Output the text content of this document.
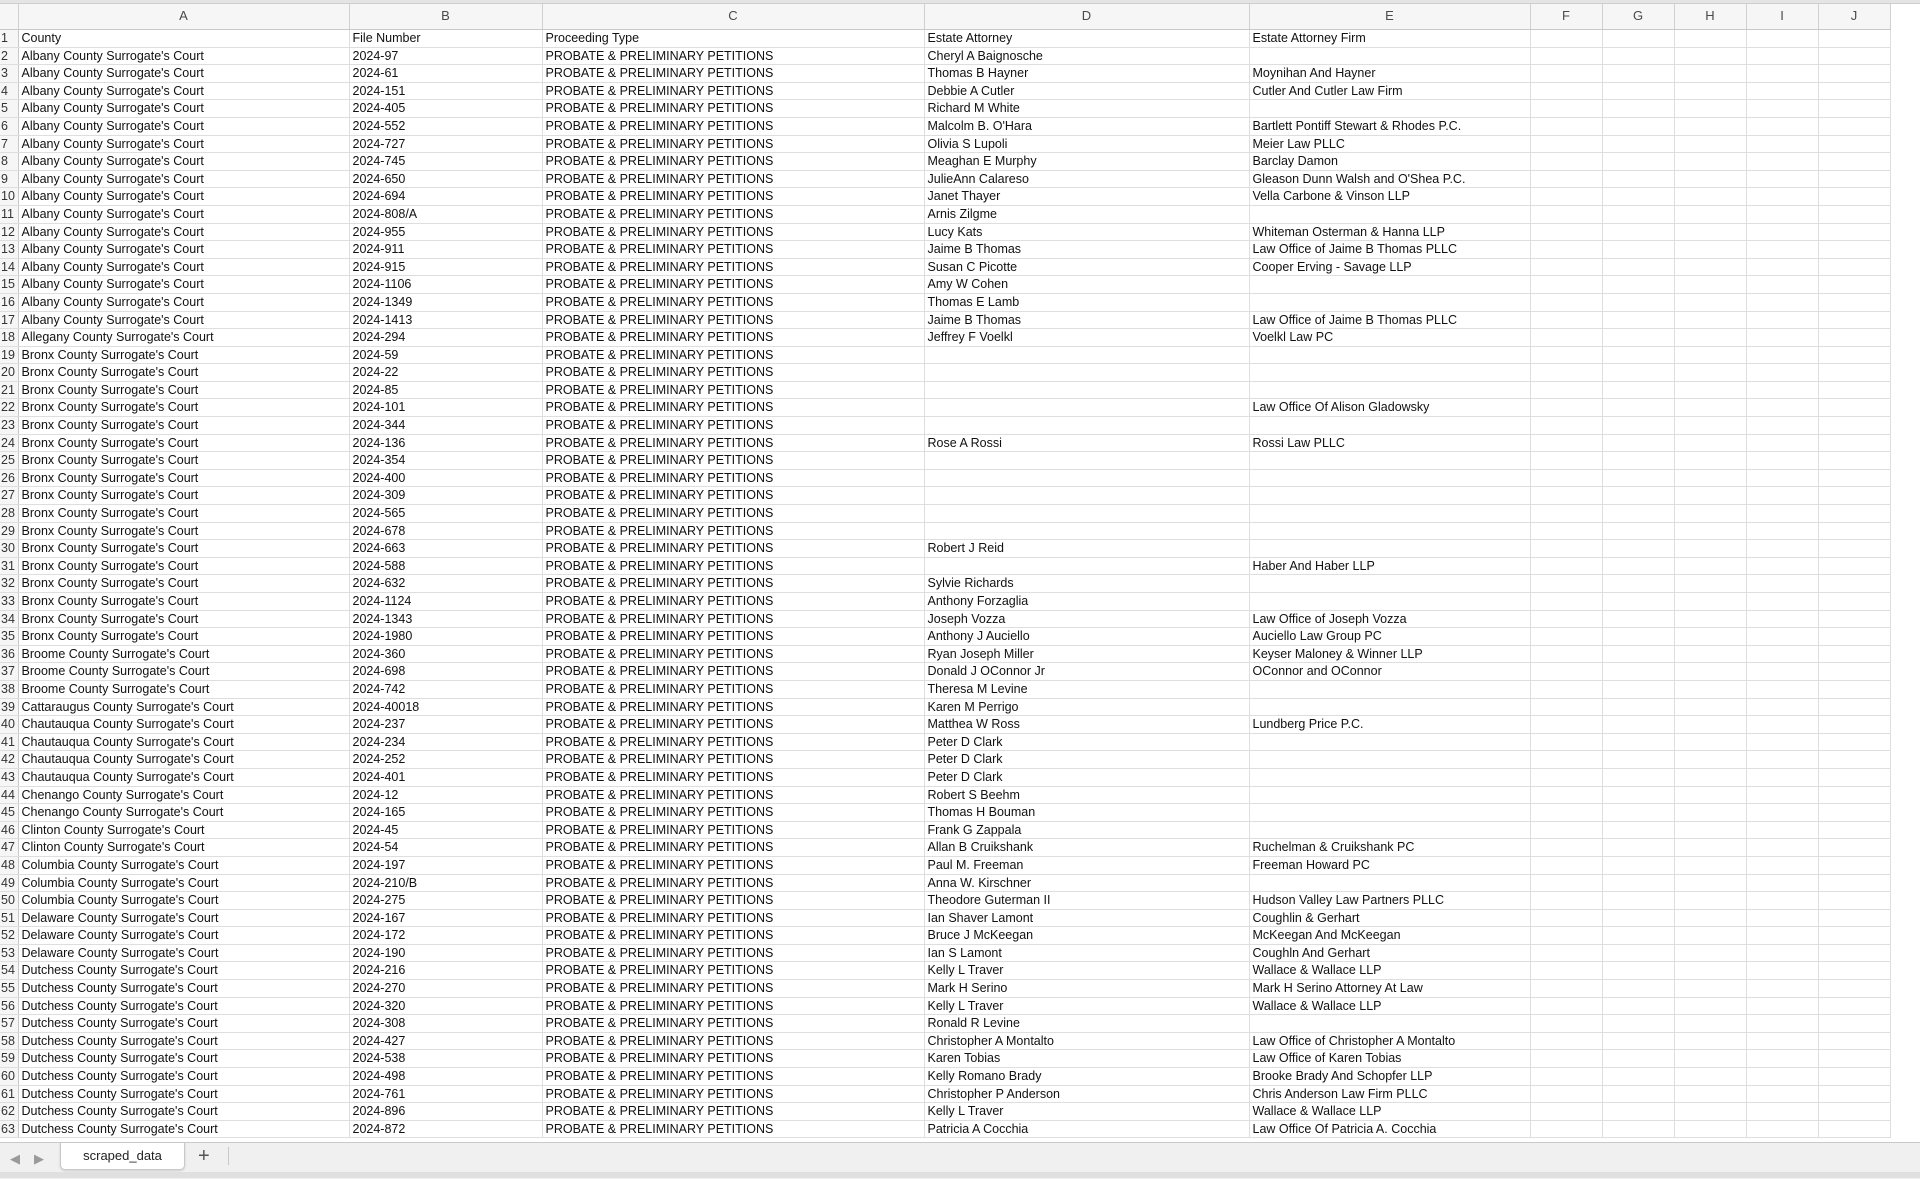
	A	B	C	D	E	F	G	H	I	J
1	County	File Number	Proceeding Type	Estate Attorney	Estate Attorney Firm					
2	Albany County Surrogate's Court	2024-97	PROBATE & PRELIMINARY PETITIONS	Cheryl A Baignosche						
3	Albany County Surrogate's Court	2024-61	PROBATE & PRELIMINARY PETITIONS	Thomas B Hayner	Moynihan And Hayner					
4	Albany County Surrogate's Court	2024-151	PROBATE & PRELIMINARY PETITIONS	Debbie A Cutler	Cutler And Cutler Law Firm					
5	Albany County Surrogate's Court	2024-405	PROBATE & PRELIMINARY PETITIONS	Richard M White						
6	Albany County Surrogate's Court	2024-552	PROBATE & PRELIMINARY PETITIONS	Malcolm B. O'Hara	Bartlett Pontiff Stewart & Rhodes P.C.					
7	Albany County Surrogate's Court	2024-727	PROBATE & PRELIMINARY PETITIONS	Olivia S Lupoli	Meier Law PLLC					
8	Albany County Surrogate's Court	2024-745	PROBATE & PRELIMINARY PETITIONS	Meaghan E Murphy	Barclay Damon					
9	Albany County Surrogate's Court	2024-650	PROBATE & PRELIMINARY PETITIONS	JulieAnn Calareso	Gleason Dunn Walsh and O'Shea P.C.					
10	Albany County Surrogate's Court	2024-694	PROBATE & PRELIMINARY PETITIONS	Janet Thayer	Vella Carbone & Vinson LLP					
11	Albany County Surrogate's Court	2024-808/A	PROBATE & PRELIMINARY PETITIONS	Arnis Zilgme						
12	Albany County Surrogate's Court	2024-955	PROBATE & PRELIMINARY PETITIONS	Lucy Kats	Whiteman Osterman & Hanna LLP					
13	Albany County Surrogate's Court	2024-911	PROBATE & PRELIMINARY PETITIONS	Jaime B Thomas	Law Office of Jaime B Thomas PLLC					
14	Albany County Surrogate's Court	2024-915	PROBATE & PRELIMINARY PETITIONS	Susan C Picotte	Cooper Erving - Savage LLP					
15	Albany County Surrogate's Court	2024-1106	PROBATE & PRELIMINARY PETITIONS	Amy W Cohen						
16	Albany County Surrogate's Court	2024-1349	PROBATE & PRELIMINARY PETITIONS	Thomas E Lamb						
17	Albany County Surrogate's Court	2024-1413	PROBATE & PRELIMINARY PETITIONS	Jaime B Thomas	Law Office of Jaime B Thomas PLLC					
18	Allegany County Surrogate's Court	2024-294	PROBATE & PRELIMINARY PETITIONS	Jeffrey F Voelkl	Voelkl Law PC					
19	Bronx County Surrogate's Court	2024-59	PROBATE & PRELIMINARY PETITIONS							
20	Bronx County Surrogate's Court	2024-22	PROBATE & PRELIMINARY PETITIONS							
21	Bronx County Surrogate's Court	2024-85	PROBATE & PRELIMINARY PETITIONS							
22	Bronx County Surrogate's Court	2024-101	PROBATE & PRELIMINARY PETITIONS		Law Office Of Alison Gladowsky					
23	Bronx County Surrogate's Court	2024-344	PROBATE & PRELIMINARY PETITIONS							
24	Bronx County Surrogate's Court	2024-136	PROBATE & PRELIMINARY PETITIONS	Rose A Rossi	Rossi Law PLLC					
25	Bronx County Surrogate's Court	2024-354	PROBATE & PRELIMINARY PETITIONS							
26	Bronx County Surrogate's Court	2024-400	PROBATE & PRELIMINARY PETITIONS							
27	Bronx County Surrogate's Court	2024-309	PROBATE & PRELIMINARY PETITIONS							
28	Bronx County Surrogate's Court	2024-565	PROBATE & PRELIMINARY PETITIONS							
29	Bronx County Surrogate's Court	2024-678	PROBATE & PRELIMINARY PETITIONS							
30	Bronx County Surrogate's Court	2024-663	PROBATE & PRELIMINARY PETITIONS	Robert J Reid						
31	Bronx County Surrogate's Court	2024-588	PROBATE & PRELIMINARY PETITIONS		Haber And Haber LLP					
32	Bronx County Surrogate's Court	2024-632	PROBATE & PRELIMINARY PETITIONS	Sylvie Richards						
33	Bronx County Surrogate's Court	2024-1124	PROBATE & PRELIMINARY PETITIONS	Anthony Forzaglia						
34	Bronx County Surrogate's Court	2024-1343	PROBATE & PRELIMINARY PETITIONS	Joseph Vozza	Law Office of Joseph Vozza					
35	Bronx County Surrogate's Court	2024-1980	PROBATE & PRELIMINARY PETITIONS	Anthony J Auciello	Auciello Law Group PC					
36	Broome County Surrogate's Court	2024-360	PROBATE & PRELIMINARY PETITIONS	Ryan Joseph Miller	Keyser Maloney & Winner LLP					
37	Broome County Surrogate's Court	2024-698	PROBATE & PRELIMINARY PETITIONS	Donald J OConnor Jr	OConnor and OConnor					
38	Broome County Surrogate's Court	2024-742	PROBATE & PRELIMINARY PETITIONS	Theresa M Levine						
39	Cattaraugus County Surrogate's Court	2024-40018	PROBATE & PRELIMINARY PETITIONS	Karen M Perrigo						
40	Chautauqua County Surrogate's Court	2024-237	PROBATE & PRELIMINARY PETITIONS	Matthea W Ross	Lundberg Price P.C.					
41	Chautauqua County Surrogate's Court	2024-234	PROBATE & PRELIMINARY PETITIONS	Peter D Clark						
42	Chautauqua County Surrogate's Court	2024-252	PROBATE & PRELIMINARY PETITIONS	Peter D Clark						
43	Chautauqua County Surrogate's Court	2024-401	PROBATE & PRELIMINARY PETITIONS	Peter D Clark						
44	Chenango County Surrogate's Court	2024-12	PROBATE & PRELIMINARY PETITIONS	Robert S Beehm						
45	Chenango County Surrogate's Court	2024-165	PROBATE & PRELIMINARY PETITIONS	Thomas H Bouman						
46	Clinton County Surrogate's Court	2024-45	PROBATE & PRELIMINARY PETITIONS	Frank G Zappala						
47	Clinton County Surrogate's Court	2024-54	PROBATE & PRELIMINARY PETITIONS	Allan B Cruikshank	Ruchelman & Cruikshank PC					
48	Columbia County Surrogate's Court	2024-197	PROBATE & PRELIMINARY PETITIONS	Paul M. Freeman	Freeman Howard PC					
49	Columbia County Surrogate's Court	2024-210/B	PROBATE & PRELIMINARY PETITIONS	Anna W. Kirschner						
50	Columbia County Surrogate's Court	2024-275	PROBATE & PRELIMINARY PETITIONS	Theodore Guterman II	Hudson Valley Law Partners PLLC					
51	Delaware County Surrogate's Court	2024-167	PROBATE & PRELIMINARY PETITIONS	Ian Shaver Lamont	Coughlin & Gerhart					
52	Delaware County Surrogate's Court	2024-172	PROBATE & PRELIMINARY PETITIONS	Bruce J McKeegan	McKeegan And McKeegan					
53	Delaware County Surrogate's Court	2024-190	PROBATE & PRELIMINARY PETITIONS	Ian S Lamont	Coughln And Gerhart					
54	Dutchess County Surrogate's Court	2024-216	PROBATE & PRELIMINARY PETITIONS	Kelly L Traver	Wallace & Wallace LLP					
55	Dutchess County Surrogate's Court	2024-270	PROBATE & PRELIMINARY PETITIONS	Mark H Serino	Mark H Serino Attorney At Law					
56	Dutchess County Surrogate's Court	2024-320	PROBATE & PRELIMINARY PETITIONS	Kelly L Traver	Wallace & Wallace LLP					
57	Dutchess County Surrogate's Court	2024-308	PROBATE & PRELIMINARY PETITIONS	Ronald R Levine						
58	Dutchess County Surrogate's Court	2024-427	PROBATE & PRELIMINARY PETITIONS	Christopher A Montalto	Law Office of Christopher A Montalto					
59	Dutchess County Surrogate's Court	2024-538	PROBATE & PRELIMINARY PETITIONS	Karen Tobias	Law Office of Karen Tobias					
60	Dutchess County Surrogate's Court	2024-498	PROBATE & PRELIMINARY PETITIONS	Kelly Romano Brady	Brooke Brady And Schopfer LLP					
61	Dutchess County Surrogate's Court	2024-761	PROBATE & PRELIMINARY PETITIONS	Christopher P Anderson	Chris Anderson Law Firm PLLC					
62	Dutchess County Surrogate's Court	2024-896	PROBATE & PRELIMINARY PETITIONS	Kelly L Traver	Wallace & Wallace LLP					
63	Dutchess County Surrogate's Court	2024-872	PROBATE & PRELIMINARY PETITIONS	Patricia A Cocchia	Law Office Of Patricia A. Cocchia					
◀ ▶	scraped_data	+
